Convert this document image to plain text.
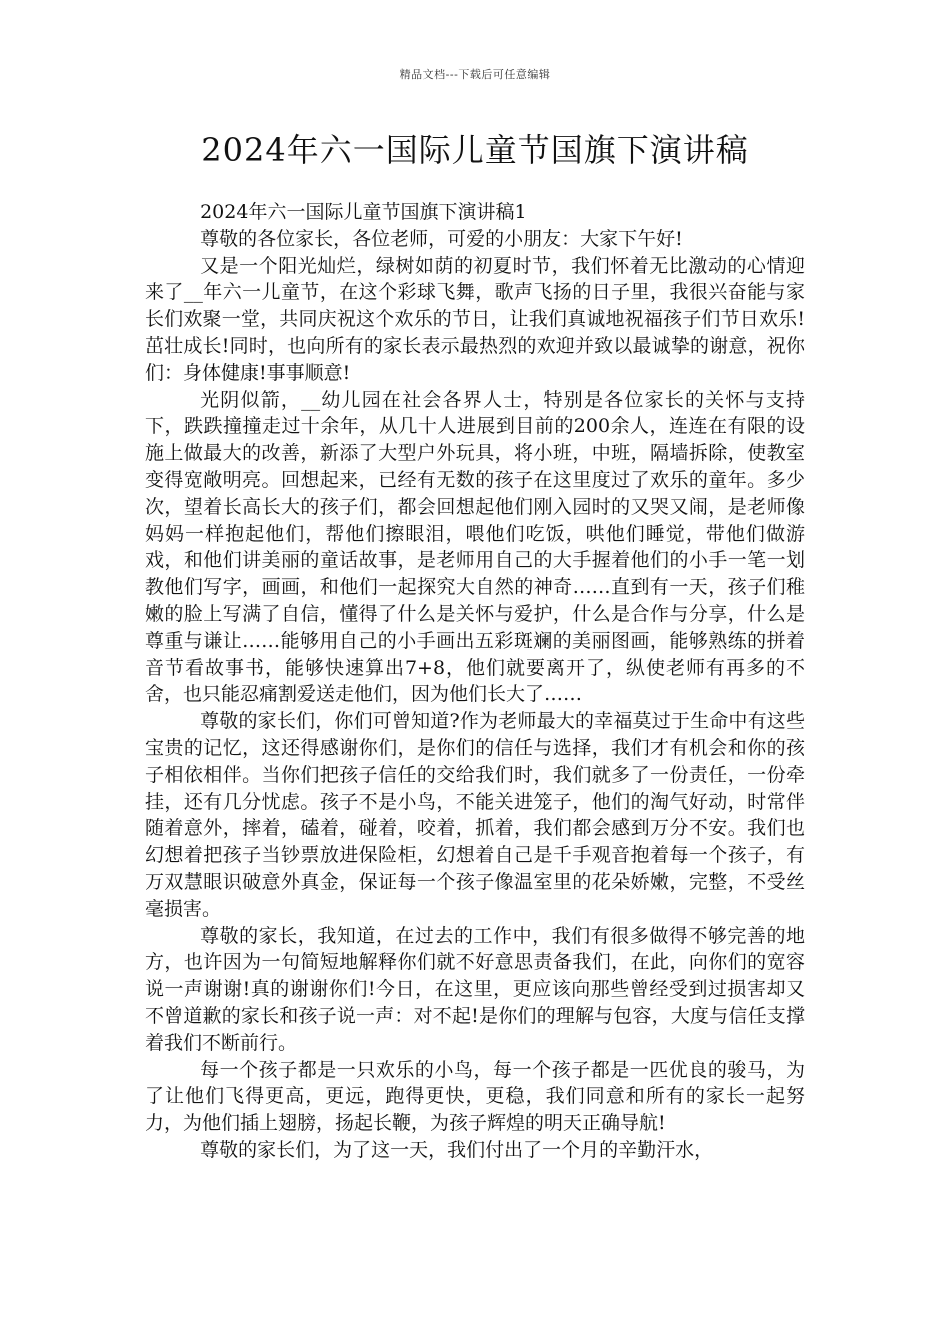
精品文档---下载后可任意编辑
2024年六一国际儿童节国旗下演讲稿

2024年六一国际儿童节国旗下演讲稿1

尊敬的各位家长，各位老师，可爱的小朋友：大家下午好!

又是一个阳光灿烂，绿树如荫的初夏时节，我们怀着无比激动的心情迎来了__年六一儿童节，在这个彩球飞舞，歌声飞扬的日子里，我很兴奋能与家长们欢聚一堂，共同庆祝这个欢乐的节日，让我们真诚地祝福孩子们节日欢乐!茁壮成长!同时，也向所有的家长表示最热烈的欢迎并致以最诚挚的谢意，祝你们：身体健康!事事顺意!

光阴似箭，__幼儿园在社会各界人士，特别是各位家长的关怀与支持下，跌跌撞撞走过十余年，从几十人进展到目前的200余人，连连在有限的设施上做最大的改善，新添了大型户外玩具，将小班，中班，隔墙拆除，使教室变得宽敞明亮。回想起来，已经有无数的孩子在这里度过了欢乐的童年。多少次，望着长高长大的孩子们，都会回想起他们刚入园时的又哭又闹，是老师像妈妈一样抱起他们，帮他们擦眼泪，喂他们吃饭，哄他们睡觉，带他们做游戏，和他们讲美丽的童话故事，是老师用自己的大手握着他们的小手一笔一划教他们写字，画画，和他们一起探究大自然的神奇……直到有一天，孩子们稚嫩的脸上写满了自信，懂得了什么是关怀与爱护，什么是合作与分享，什么是尊重与谦让……能够用自己的小手画出五彩斑斓的美丽图画，能够熟练的拼着音节看故事书，能够快速算出7+8，他们就要离开了，纵使老师有再多的不舍，也只能忍痛割爱送走他们，因为他们长大了……

尊敬的家长们，你们可曾知道?作为老师最大的幸福莫过于生命中有这些宝贵的记忆，这还得感谢你们，是你们的信任与选择，我们才有机会和你的孩子相依相伴。当你们把孩子信任的交给我们时，我们就多了一份责任，一份牵挂，还有几分忧虑。孩子不是小鸟，不能关进笼子，他们的淘气好动，时常伴随着意外，摔着，磕着，碰着，咬着，抓着，我们都会感到万分不安。我们也幻想着把孩子当钞票放进保险柜，幻想着自己是千手观音抱着每一个孩子，有万双慧眼识破意外真金，保证每一个孩子像温室里的花朵娇嫩，完整，不受丝毫损害。

尊敬的家长，我知道，在过去的工作中，我们有很多做得不够完善的地方，也许因为一句简短地解释你们就不好意思责备我们，在此，向你们的宽容说一声谢谢!真的谢谢你们!今日，在这里，更应该向那些曾经受到过损害却又不曾道歉的家长和孩子说一声：对不起!是你们的理解与包容，大度与信任支撑着我们不断前行。

每一个孩子都是一只欢乐的小鸟，每一个孩子都是一匹优良的骏马，为了让他们飞得更高，更远，跑得更快，更稳，我们同意和所有的家长一起努力，为他们插上翅膀，扬起长鞭，为孩子辉煌的明天正确导航!

尊敬的家长们，为了这一天，我们付出了一个月的辛勤汗水，
